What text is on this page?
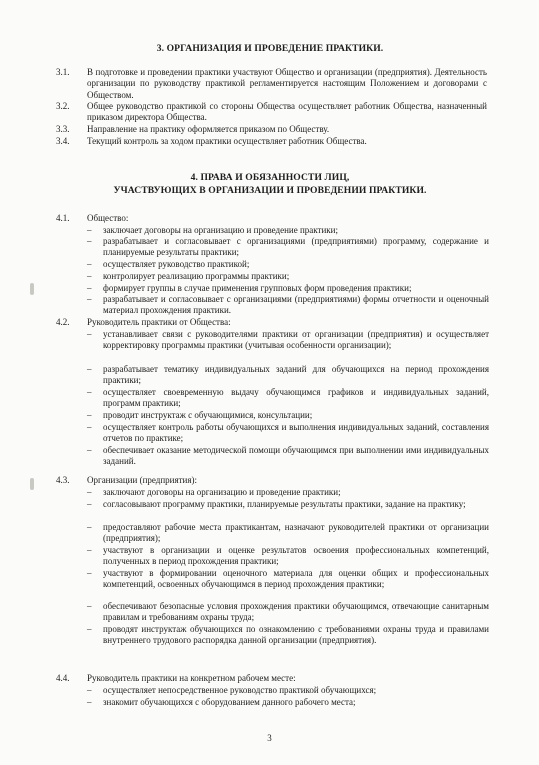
3. ОРГАНИЗАЦИЯ И ПРОВЕДЕНИЕ ПРАКТИКИ.
3.1. В подготовке и проведении практики участвуют Общество и организации (предприятия). Деятельность организации по руководству практикой регламентируется настоящим Положением и договорами с Обществом.
3.2. Общее руководство практикой со стороны Общества осуществляет работник Общества, назначенный приказом директора Общества.
3.3. Направление на практику оформляется приказом по Обществу.
3.4. Текущий контроль за ходом практики осуществляет работник Общества.
4. ПРАВА И ОБЯЗАННОСТИ ЛИЦ,
УЧАСТВУЮЩИХ В ОРГАНИЗАЦИИ И ПРОВЕДЕНИИ ПРАКТИКИ.
4.1. Общество:
– заключает договоры на организацию и проведение практики;
– разрабатывает и согласовывает с организациями (предприятиями) программу, содержание и планируемые результаты практики;
– осуществляет руководство практикой;
– контролирует реализацию программы практики;
– формирует группы в случае применения групповых форм проведения практики;
– разрабатывает и согласовывает с организациями (предприятиями) формы отчетности и оценочный материал прохождения практики.
4.2. Руководитель практики от Общества:
– устанавливает связи с руководителями практики от организации (предприятия) и осуществляет корректировку программы практики (учитывая особенности организации);
– разрабатывает тематику индивидуальных заданий для обучающихся на период прохождения практики;
– осуществляет своевременную выдачу обучающимся графиков и индивидуальных заданий, программ практики;
– проводит инструктаж с обучающимися, консультации;
– осуществляет контроль работы обучающихся и выполнения индивидуальных заданий, составления отчетов по практике;
– обеспечивает оказание методической помощи обучающимся при выполнении ими индивидуальных заданий.
4.3. Организации (предприятия):
– заключают договоры на организацию и проведение практики;
– согласовывают программу практики, планируемые результаты практики, задание на практику;
– предоставляют рабочие места практикантам, назначают руководителей практики от организации (предприятия);
– участвуют в организации и оценке результатов освоения профессиональных компетенций, полученных в период прохождения практики;
– участвуют в формировании оценочного материала для оценки общих и профессиональных компетенций, освоенных обучающимся в период прохождения практики;
– обеспечивают безопасные условия прохождения практики обучающимся, отвечающие санитарным правилам и требованиям охраны труда;
– проводят инструктаж обучающихся по ознакомлению с требованиями охраны труда и правилами внутреннего трудового распорядка данной организации (предприятия).
4.4. Руководитель практики на конкретном рабочем месте:
– осуществляет непосредственное руководство практикой обучающихся;
– знакомит обучающихся с оборудованием данного рабочего места;
3
